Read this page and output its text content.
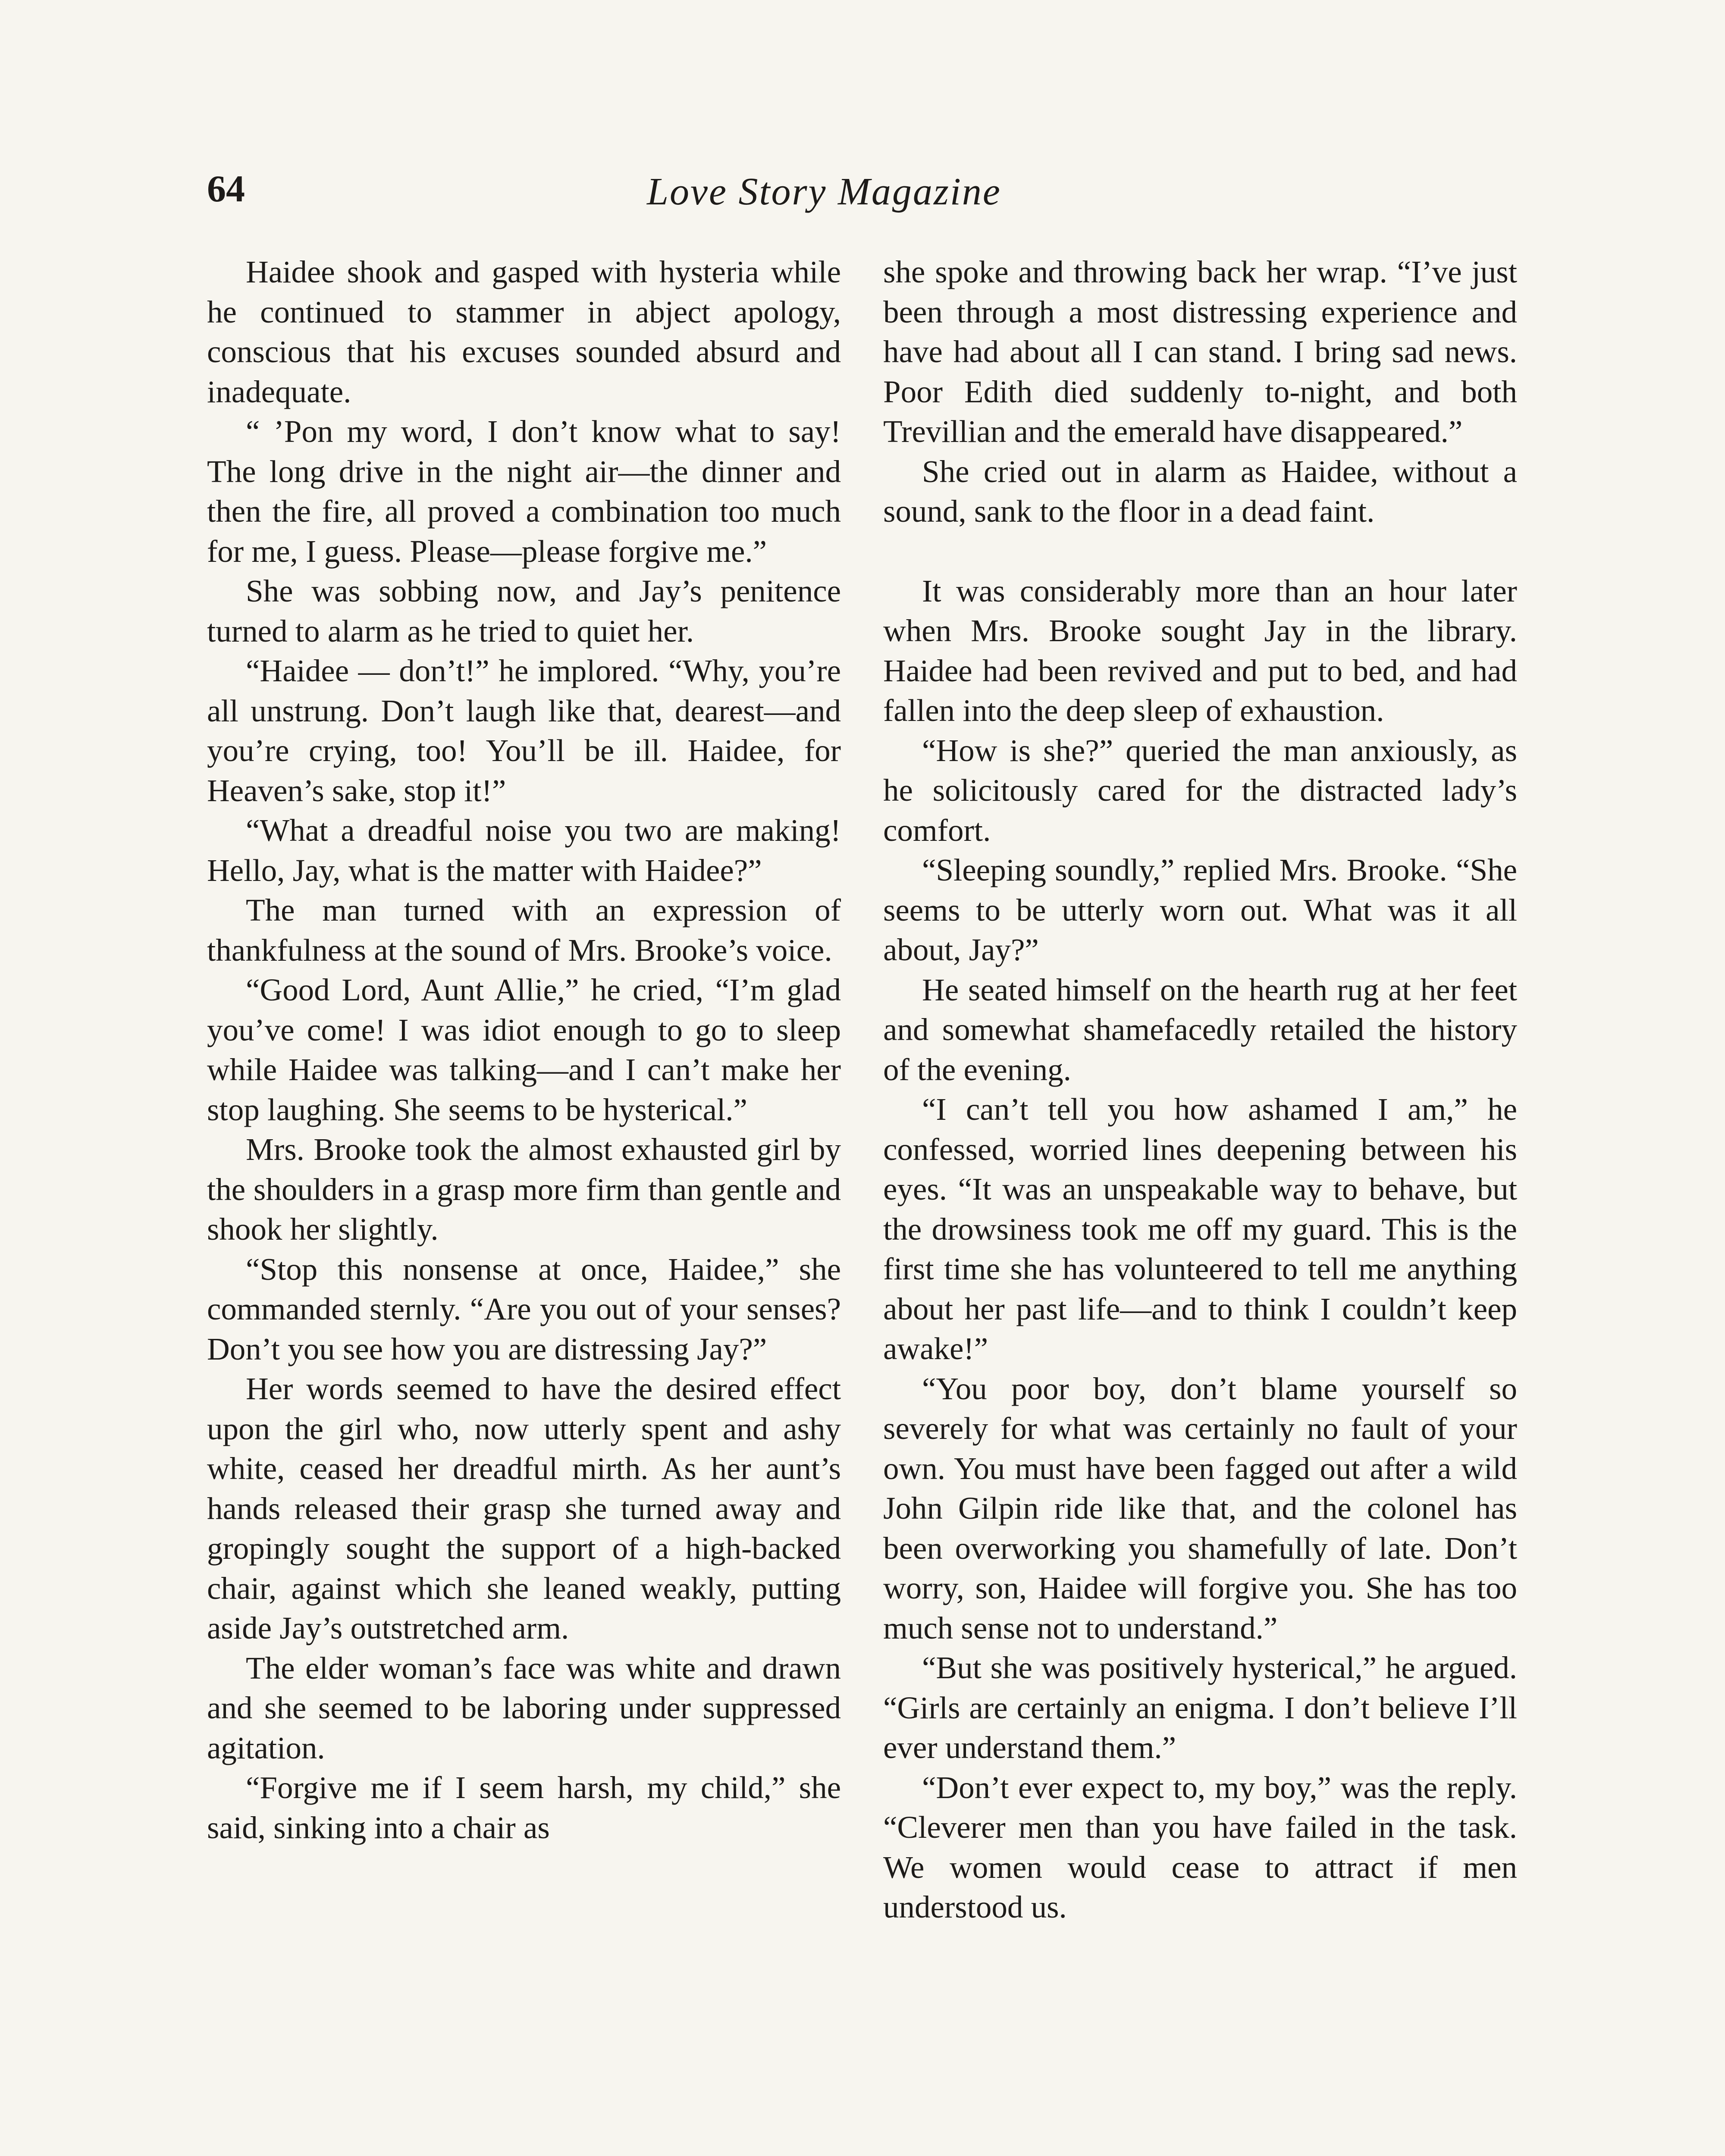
64	Love Story Magazine

Haidee shook and gasped with hysteria while he continued to stammer in abject apology, conscious that his excuses sounded absurd and inadequate.

“ ’Pon my word, I don’t know what to say! The long drive in the night air—the dinner and then the fire, all proved a combination too much for me, I guess. Please—please forgive me.”

She was sobbing now, and Jay’s penitence turned to alarm as he tried to quiet her.

“Haidee — don’t!” he implored. “Why, you’re all unstrung. Don’t laugh like that, dearest—and you’re crying, too! You’ll be ill. Haidee, for Heaven’s sake, stop it!”

“What a dreadful noise you two are making! Hello, Jay, what is the matter with Haidee?”

The man turned with an expression of thankfulness at the sound of Mrs. Brooke’s voice.

“Good Lord, Aunt Allie,” he cried, “I’m glad you’ve come! I was idiot enough to go to sleep while Haidee was talking—and I can’t make her stop laughing. She seems to be hysterical.”

Mrs. Brooke took the almost exhausted girl by the shoulders in a grasp more firm than gentle and shook her slightly.

“Stop this nonsense at once, Haidee,” she commanded sternly. “Are you out of your senses? Don’t you see how you are distressing Jay?”

Her words seemed to have the desired effect upon the girl who, now utterly spent and ashy white, ceased her dreadful mirth. As her aunt’s hands released their grasp she turned away and gropingly sought the support of a high-backed chair, against which she leaned weakly, putting aside Jay’s outstretched arm.

The elder woman’s face was white and drawn and she seemed to be laboring under suppressed agitation.

“Forgive me if I seem harsh, my child,” she said, sinking into a chair as

she spoke and throwing back her wrap. “I’ve just been through a most distressing experience and have had about all I can stand. I bring sad news. Poor Edith died suddenly to-night, and both Trevillian and the emerald have disappeared.”

She cried out in alarm as Haidee, without a sound, sank to the floor in a dead faint.

It was considerably more than an hour later when Mrs. Brooke sought Jay in the library. Haidee had been revived and put to bed, and had fallen into the deep sleep of exhaustion.

“How is she?” queried the man anxiously, as he solicitously cared for the distracted lady’s comfort.

“Sleeping soundly,” replied Mrs. Brooke. “She seems to be utterly worn out. What was it all about, Jay?”

He seated himself on the hearth rug at her feet and somewhat shamefacedly retailed the history of the evening.

“I can’t tell you how ashamed I am,” he confessed, worried lines deepening between his eyes. “It was an unspeakable way to behave, but the drowsiness took me off my guard. This is the first time she has volunteered to tell me anything about her past life—and to think I couldn’t keep awake!”

“You poor boy, don’t blame yourself so severely for what was certainly no fault of your own. You must have been fagged out after a wild John Gilpin ride like that, and the colonel has been overworking you shamefully of late. Don’t worry, son, Haidee will forgive you. She has too much sense not to understand.”

“But she was positively hysterical,” he argued. “Girls are certainly an enigma. I don’t believe I’ll ever understand them.”

“Don’t ever expect to, my boy,” was the reply. “Cleverer men than you have failed in the task. We women would cease to attract if men understood us.
